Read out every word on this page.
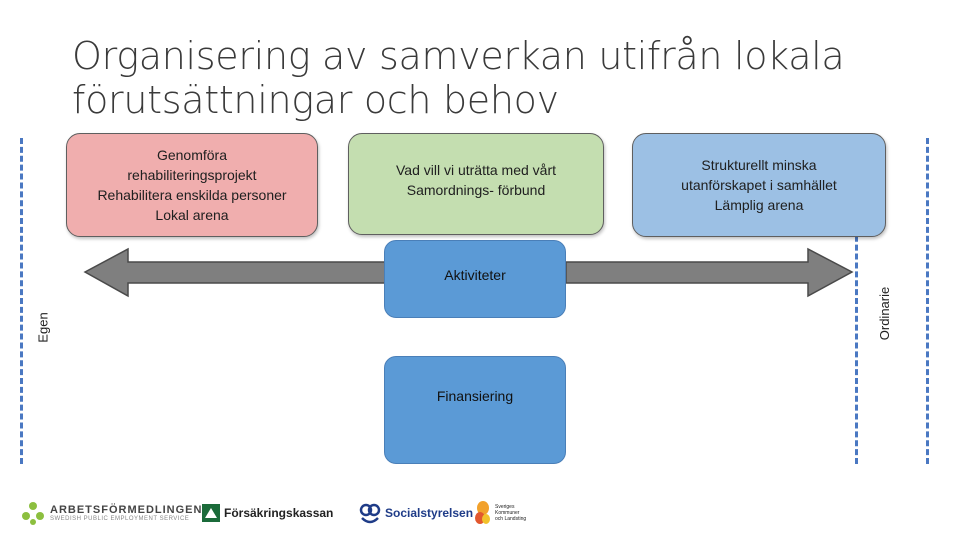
Organisering av samverkan utifrån lokala förutsättningar och behov
Genomföra
rehabiliteringsprojekt
Rehabilitera enskilda personer
Lokal arena
Vad vill vi uträtta med vårt
Samordnings- förbund
Strukturellt minska
utanförskapet i samhället
Lämplig arena
Aktiviteter
Finansiering
Egen	Ordinarie
ARBETSFÖRMEDLINGEN
SWEDISH PUBLIC EMPLOYMENT SERVICE	Försäkringskassan	Socialstyrelsen	Sveriges
Kommuner
och Landsting
